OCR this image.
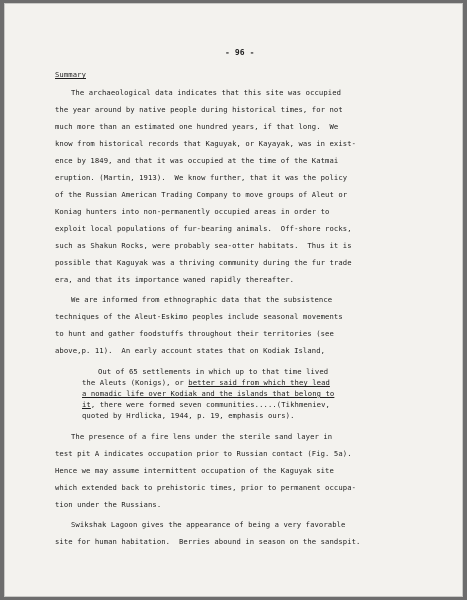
- 96 -

Summary

The archaeological data indicates that this site was occupied

the year around by native people during historical times, for not

much more than an estimated one hundred years, if that long.  We

know from historical records that Kaguyak, or Kayayak, was in exist-

ence by 1849, and that it was occupied at the time of the Katmai

eruption. (Martin, 1913).  We know further, that it was the policy

of the Russian American Trading Company to move groups of Aleut or

Koniag hunters into non-permanently occupied areas in order to

exploit local populations of fur-bearing animals.  Off-shore rocks,

such as Shakun Rocks, were probably sea-otter habitats.  Thus it is

possible that Kaguyak was a thriving community during the fur trade

era, and that its importance waned rapidly thereafter.

We are informed from ethnographic data that the subsistence

techniques of the Aleut-Eskimo peoples include seasonal movements

to hunt and gather foodstuffs throughout their territories (see

above,p. 11).  An early account states that on Kodiak Island,

Out of 65 settlements in which up to that time lived

the Aleuts (Konigs), or better said from which they lead

a nomadic life over Kodiak and the islands that belong to

it, there were formed seven communities.....(Tikhmeniev,

quoted by Hrdlicka, 1944, p. 19, emphasis ours).

The presence of a fire lens under the sterile sand layer in

test pit A indicates occupation prior to Russian contact (Fig. 5a).

Hence we may assume intermittent occupation of the Kaguyak site

which extended back to prehistoric times, prior to permanent occupa-

tion under the Russians.

Swikshak Lagoon gives the appearance of being a very favorable

site for human habitation.  Berries abound in season on the sandspit.
